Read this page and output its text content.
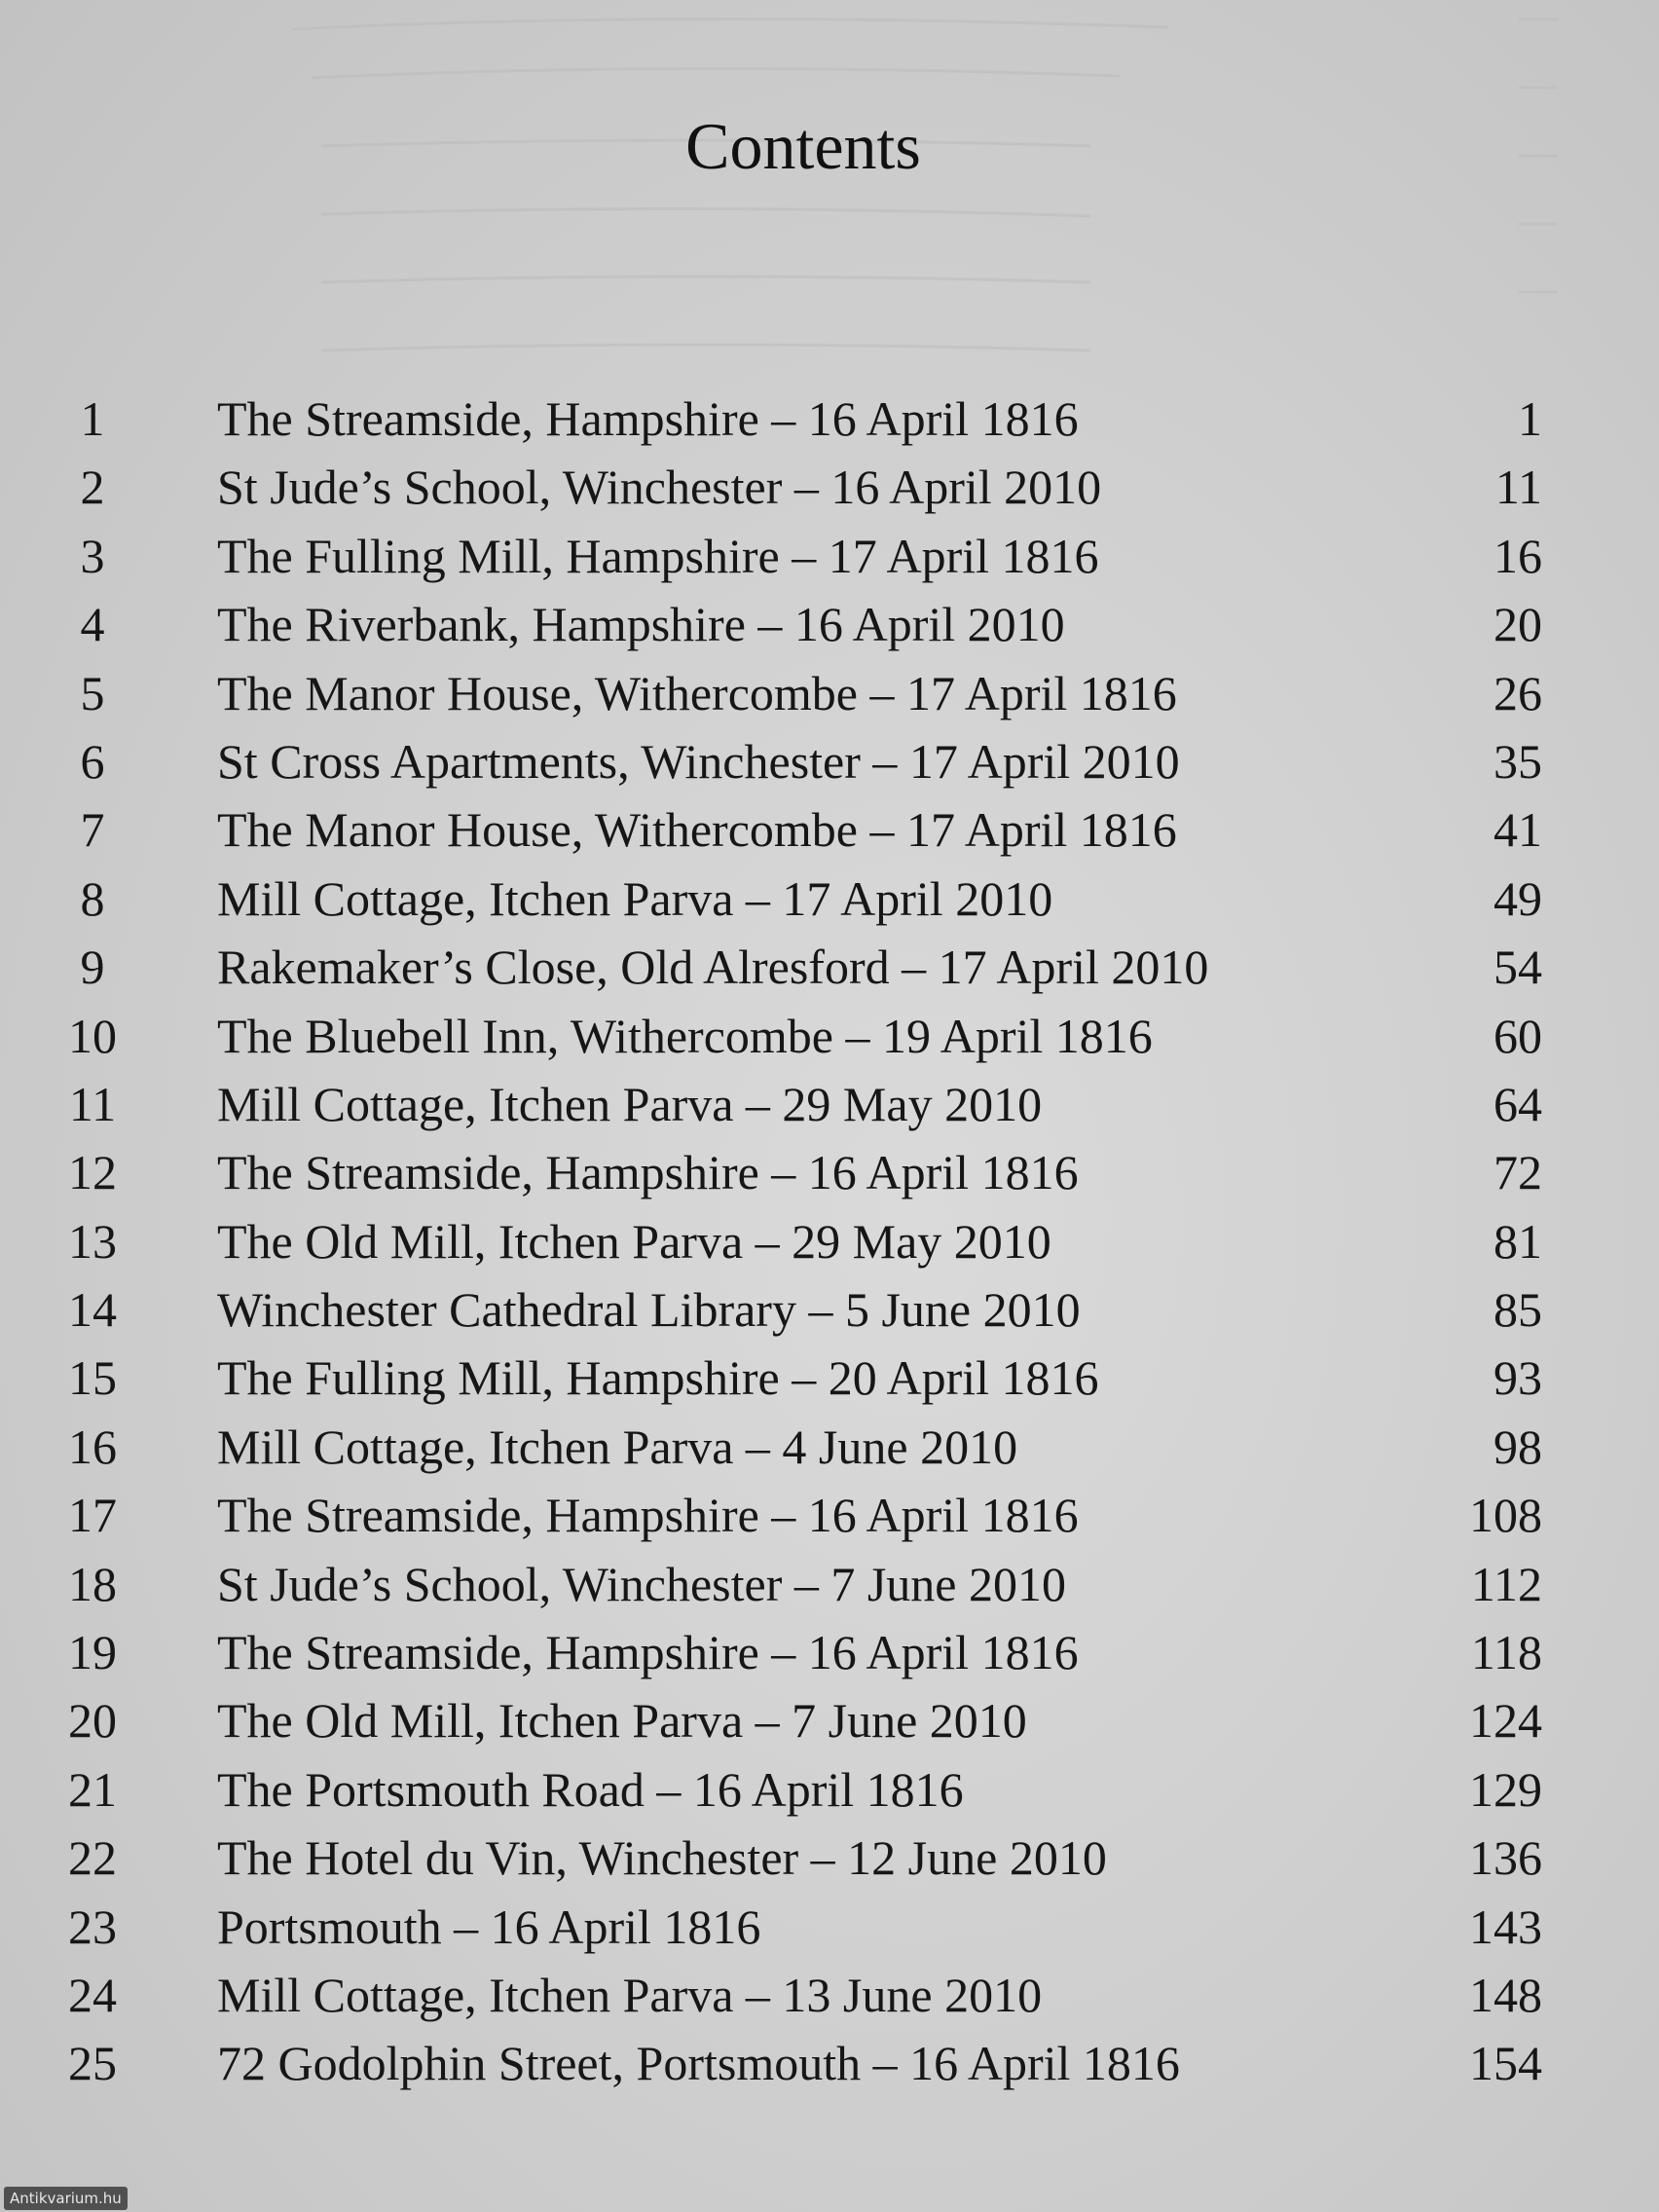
Contents
1	The Streamside, Hampshire – 16 April 1816	1
2	St Jude’s School, Winchester – 16 April 2010	11
3	The Fulling Mill, Hampshire – 17 April 1816	16
4	The Riverbank, Hampshire – 16 April 2010	20
5	The Manor House, Withercombe – 17 April 1816	26
6	St Cross Apartments, Winchester – 17 April 2010	35
7	The Manor House, Withercombe – 17 April 1816	41
8	Mill Cottage, Itchen Parva – 17 April 2010	49
9	Rakemaker’s Close, Old Alresford – 17 April 2010	54
10	The Bluebell Inn, Withercombe – 19 April 1816	60
11	Mill Cottage, Itchen Parva – 29 May 2010	64
12	The Streamside, Hampshire – 16 April 1816	72
13	The Old Mill, Itchen Parva – 29 May 2010	81
14	Winchester Cathedral Library – 5 June 2010	85
15	The Fulling Mill, Hampshire – 20 April 1816	93
16	Mill Cottage, Itchen Parva – 4 June 2010	98
17	The Streamside, Hampshire – 16 April 1816	108
18	St Jude’s School, Winchester – 7 June 2010	112
19	The Streamside, Hampshire – 16 April 1816	118
20	The Old Mill, Itchen Parva – 7 June 2010	124
21	The Portsmouth Road – 16 April 1816	129
22	The Hotel du Vin, Winchester – 12 June 2010	136
23	Portsmouth – 16 April 1816	143
24	Mill Cottage, Itchen Parva – 13 June 2010	148
25	72 Godolphin Street, Portsmouth – 16 April 1816	154
Antikvarium.hu
